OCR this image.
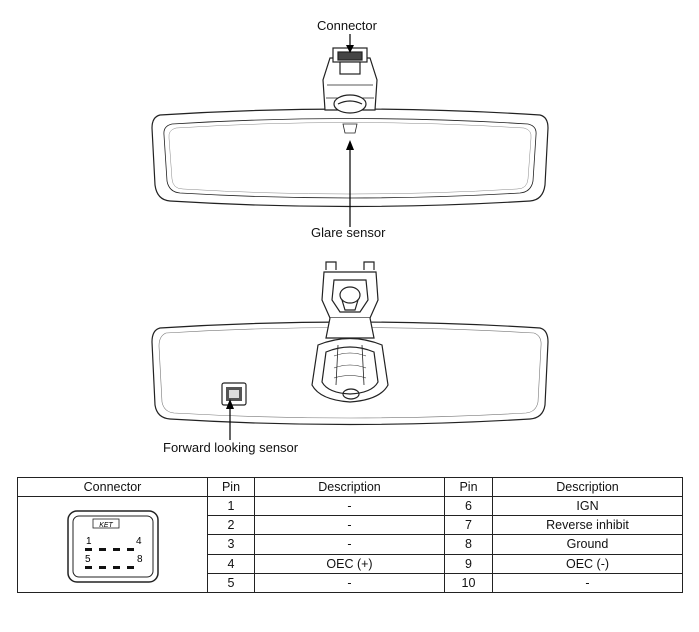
Connector
Glare sensor
Forward looking sensor
Connector	Pin	Description	Pin	Description

KET
1 4
5 8	1	-	6	IGN
	2	-	7	Reverse inhibit
	3	-	8	Ground
	4	OEC (+)	9	OEC (-)
	5	-	10	-
